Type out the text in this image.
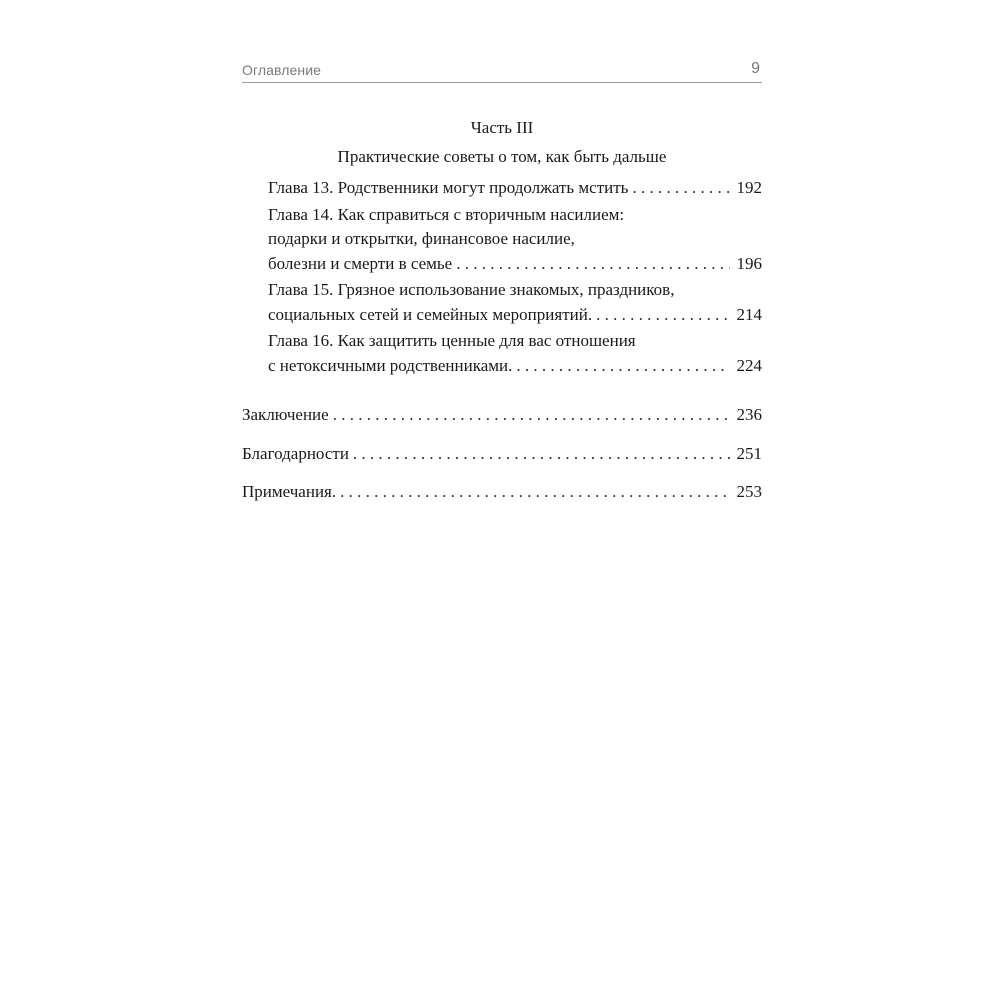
Оглавление	9
Часть III
Практические советы о том, как быть дальше
Глава 13. Родственники могут продолжать мстить . . .	192
Глава 14. Как справиться с вторичным насилием:
подарки и открытки, финансовое насилие,
болезни и смерти в семье . . .	196
Глава 15. Грязное использование знакомых, праздников,
социальных сетей и семейных мероприятий. . . .	214
Глава 16. Как защитить ценные для вас отношения
с нетоксичными родственниками. . . .	224
Заключение . . .	236
Благодарности . . .	251
Примечания. . . .	253
